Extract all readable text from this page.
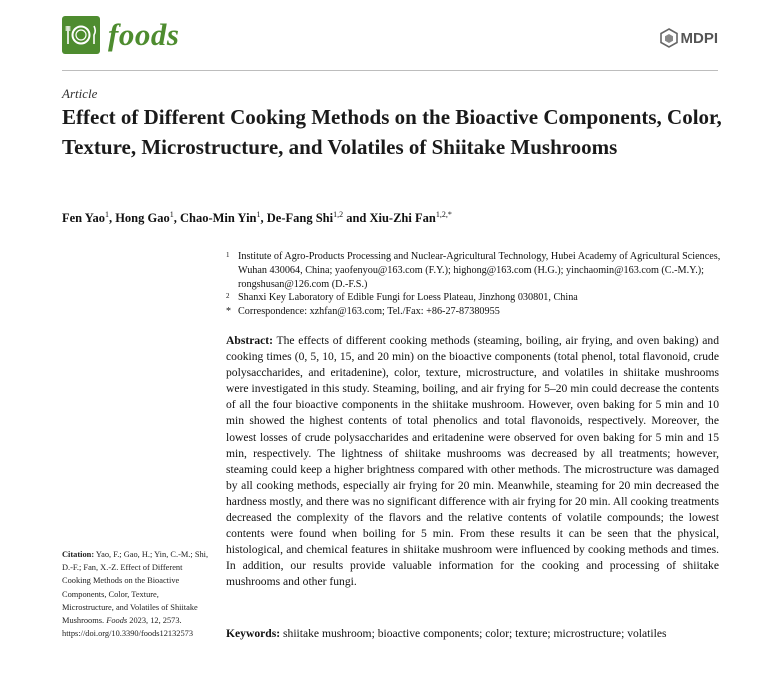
foods	MDPI
Article
Effect of Different Cooking Methods on the Bioactive Components, Color, Texture, Microstructure, and Volatiles of Shiitake Mushrooms
Fen Yao$^1$, Hong Gao$^1$, Chao-Min Yin$^1$, De-Fang Shi$^{1,2}$ and Xiu-Zhi Fan$^{1,2,*}$
1 Institute of Agro-Products Processing and Nuclear-Agricultural Technology, Hubei Academy of Agricultural Sciences, Wuhan 430064, China; yaofenyou@163.com (F.Y.); highong@163.com (H.G.); yinchaomin@163.com (C.-M.Y.); rongshusan@126.com (D.-F.S.)
2 Shanxi Key Laboratory of Edible Fungi for Loess Plateau, Jinzhong 030801, China
* Correspondence: xzhfan@163.com; Tel./Fax: +86-27-87380955
Abstract: The effects of different cooking methods (steaming, boiling, air frying, and oven baking) and cooking times (0, 5, 10, 15, and 20 min) on the bioactive components (total phenol, total flavonoid, crude polysaccharides, and eritadenine), color, texture, microstructure, and volatiles in shiitake mushrooms were investigated in this study. Steaming, boiling, and air frying for 5–20 min could decrease the contents of all the four bioactive components in the shiitake mushroom. However, oven baking for 5 min and 10 min showed the highest contents of total phenolics and total flavonoids, respectively. Moreover, the lowest losses of crude polysaccharides and eritadenine were observed for oven baking for 5 min and 15 min, respectively. The lightness of shiitake mushrooms was decreased by all treatments; however, steaming could keep a higher brightness compared with other methods. The microstructure was damaged by all cooking methods, especially air frying for 20 min. Meanwhile, steaming for 20 min decreased the hardness mostly, and there was no significant difference with air frying for 20 min. All cooking treatments decreased the complexity of the flavors and the relative contents of volatile compounds; the lowest contents were found when boiling for 5 min. From these results it can be seen that the physical, histological, and chemical features in shiitake mushroom were influenced by cooking methods and times. In addition, our results provide valuable information for the cooking and processing of shiitake mushrooms and other fungi.
Keywords: shiitake mushroom; bioactive components; color; texture; microstructure; volatiles
Citation: Yao, F.; Gao, H.; Yin, C.-M.; Shi, D.-F.; Fan, X.-Z. Effect of Different Cooking Methods on the Bioactive Components, Color, Texture, Microstructure, and Volatiles of Shiitake Mushrooms. Foods 2023, 12, 2573. https://doi.org/10.3390/foods12132573
